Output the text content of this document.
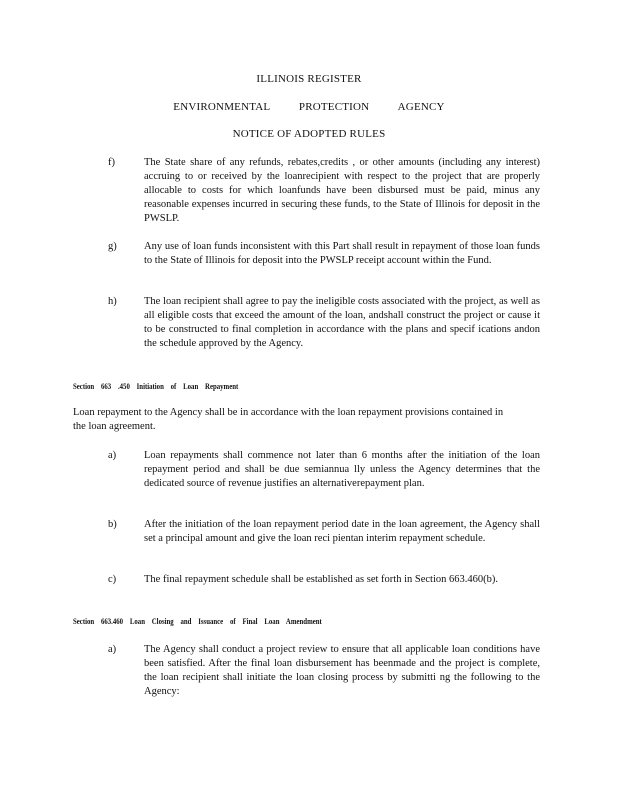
ILLINOIS REGISTER
ENVIRONMENTAL PROTECTION AGENCY
NOTICE OF ADOPTED RULES
f)	The State share of any refunds, rebates,credits , or other amounts (including any interest) accruing to or received by the loanrecipient with respect to the project that are properly allocable to costs for which loanfunds have been disbursed must be paid, minus any reasonable expenses incurred in securing these funds, to the State of Illinois for deposit in the PWSLP.
g)	Any use of loan funds inconsistent with this Part shall result in repayment of those loan funds to the State of Illinois for deposit into the PWSLP receipt account within the Fund.
h)	The loan recipient shall agree to pay the ineligible costs associated with the project, as well as all eligible costs that exceed the amount of the loan, andshall construct the project or cause it to be constructed to final completion in accordance with the plans and specif ications andon the schedule approved by the Agency.
Section 663 .450 Initiation of Loan Repayment
Loan repayment to the Agency shall be in accordance with the loan repayment provisions contained in the loan agreement.
a)	Loan repayments shall commence not later than 6 months after the initiation of the loan repayment period and shall be due semiannua lly unless the Agency determines that the dedicated source of revenue justifies an alternativerepayment plan.
b)	After the initiation of the loan repayment period date in the loan agreement, the Agency shall set a principal amount and give the loan reci pientan interim repayment schedule.
c)	The final repayment schedule shall be established as set forth in Section 663.460(b).
Section 663.460 Loan Closing and Issuance of Final Loan Amendment
a)	The Agency shall conduct a project review to ensure that all applicable loan conditions have been satisfied. After the final loan disbursement has beenmade and the project is complete, the loan recipient shall initiate the loan closing process by submitti ng the following to the Agency:
